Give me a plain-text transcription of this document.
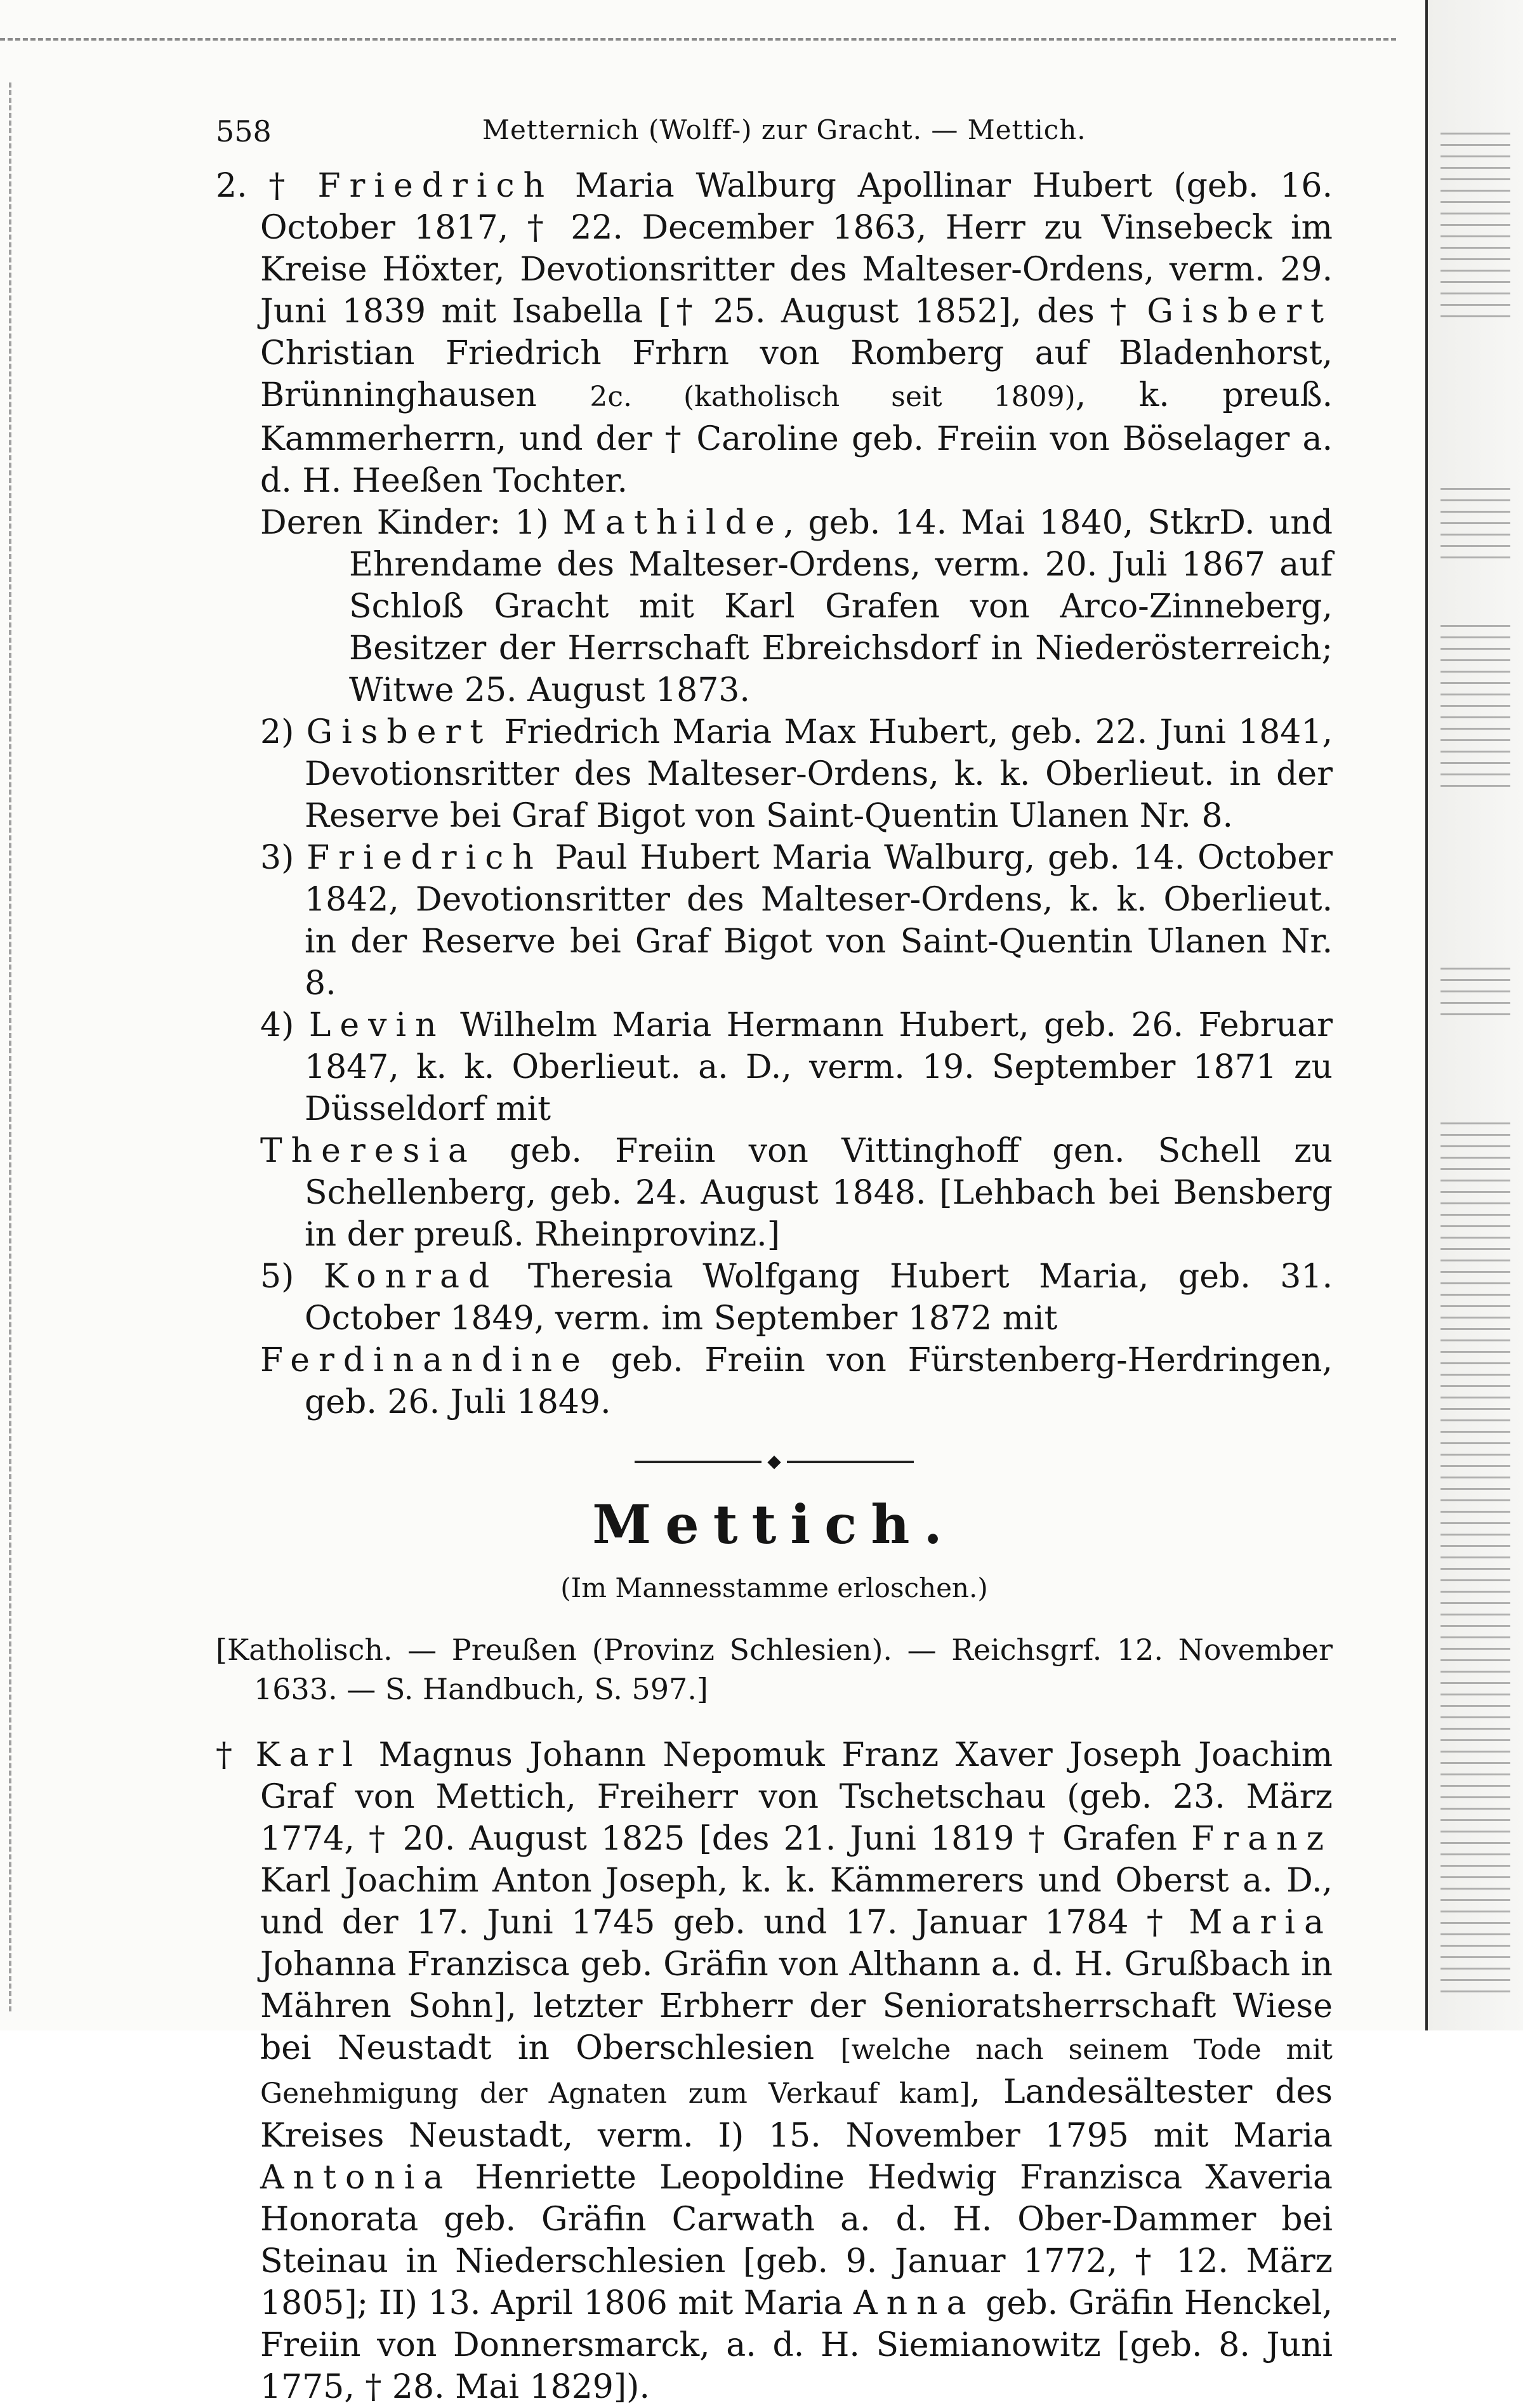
558	Metternich (Wolff-) zur Gracht. — Mettich.

2. † Friedrich Maria Walburg Apollinar Hubert (geb. 16. October 1817, † 22. December 1863, Herr zu Vinsebeck im Kreise Höxter, Devotionsritter des Malteser-Ordens, verm. 29. Juni 1839 mit Isabella [† 25. August 1852], des † Gisbert Christian Friedrich Frhrn von Romberg auf Bladenhorst, Brünninghausen 2c. (katholisch seit 1809), k. preuß. Kammerherrn, und der † Caroline geb. Freiin von Böselager a. d. H. Heeßen Tochter.

Deren Kinder: 1) Mathilde, geb. 14. Mai 1840, StkrD. und Ehrendame des Malteser-Ordens, verm. 20. Juli 1867 auf Schloß Gracht mit Karl Grafen von Arco-Zinneberg, Besitzer der Herrschaft Ebreichsdorf in Niederösterreich; Witwe 25. August 1873.

2) Gisbert Friedrich Maria Max Hubert, geb. 22. Juni 1841, Devotionsritter des Malteser-Ordens, k. k. Oberlieut. in der Reserve bei Graf Bigot von Saint-Quentin Ulanen Nr. 8.

3) Friedrich Paul Hubert Maria Walburg, geb. 14. October 1842, Devotionsritter des Malteser-Ordens, k. k. Oberlieut. in der Reserve bei Graf Bigot von Saint-Quentin Ulanen Nr. 8.

4) Levin Wilhelm Maria Hermann Hubert, geb. 26. Februar 1847, k. k. Oberlieut. a. D., verm. 19. September 1871 zu Düsseldorf mit

Theresia geb. Freiin von Vittinghoff gen. Schell zu Schellenberg, geb. 24. August 1848. [Lehbach bei Bensberg in der preuß. Rheinprovinz.]

5) Konrad Theresia Wolfgang Hubert Maria, geb. 31. October 1849, verm. im September 1872 mit

Ferdinandine geb. Freiin von Fürstenberg-Herdringen, geb. 26. Juli 1849.

◆
Mettich.
(Im Mannesstamme erloschen.)

[Katholisch. — Preußen (Provinz Schlesien). — Reichsgrf. 12. November 1633. — S. Handbuch, S. 597.]

† Karl Magnus Johann Nepomuk Franz Xaver Joseph Joachim Graf von Mettich, Freiherr von Tschetschau (geb. 23. März 1774, † 20. August 1825 [des 21. Juni 1819 † Grafen Franz Karl Joachim Anton Joseph, k. k. Kämmerers und Oberst a. D., und der 17. Juni 1745 geb. und 17. Januar 1784 † Maria Johanna Franzisca geb. Gräfin von Althann a. d. H. Grußbach in Mähren Sohn], letzter Erbherr der Senioratsherrschaft Wiese bei Neustadt in Oberschlesien [welche nach seinem Tode mit Genehmigung der Agnaten zum Verkauf kam], Landesältester des Kreises Neustadt, verm. I) 15. November 1795 mit Maria Antonia Henriette Leopoldine Hedwig Franzisca Xaveria Honorata geb. Gräfin Carwath a. d. H. Ober-Dammer bei Steinau in Niederschlesien [geb. 9. Januar 1772, † 12. März 1805]; II) 13. April 1806 mit Maria Anna geb. Gräfin Henckel, Freiin von Donnersmarck, a. d. H. Siemianowitz [geb. 8. Juni 1775, † 28. Mai 1829]).
